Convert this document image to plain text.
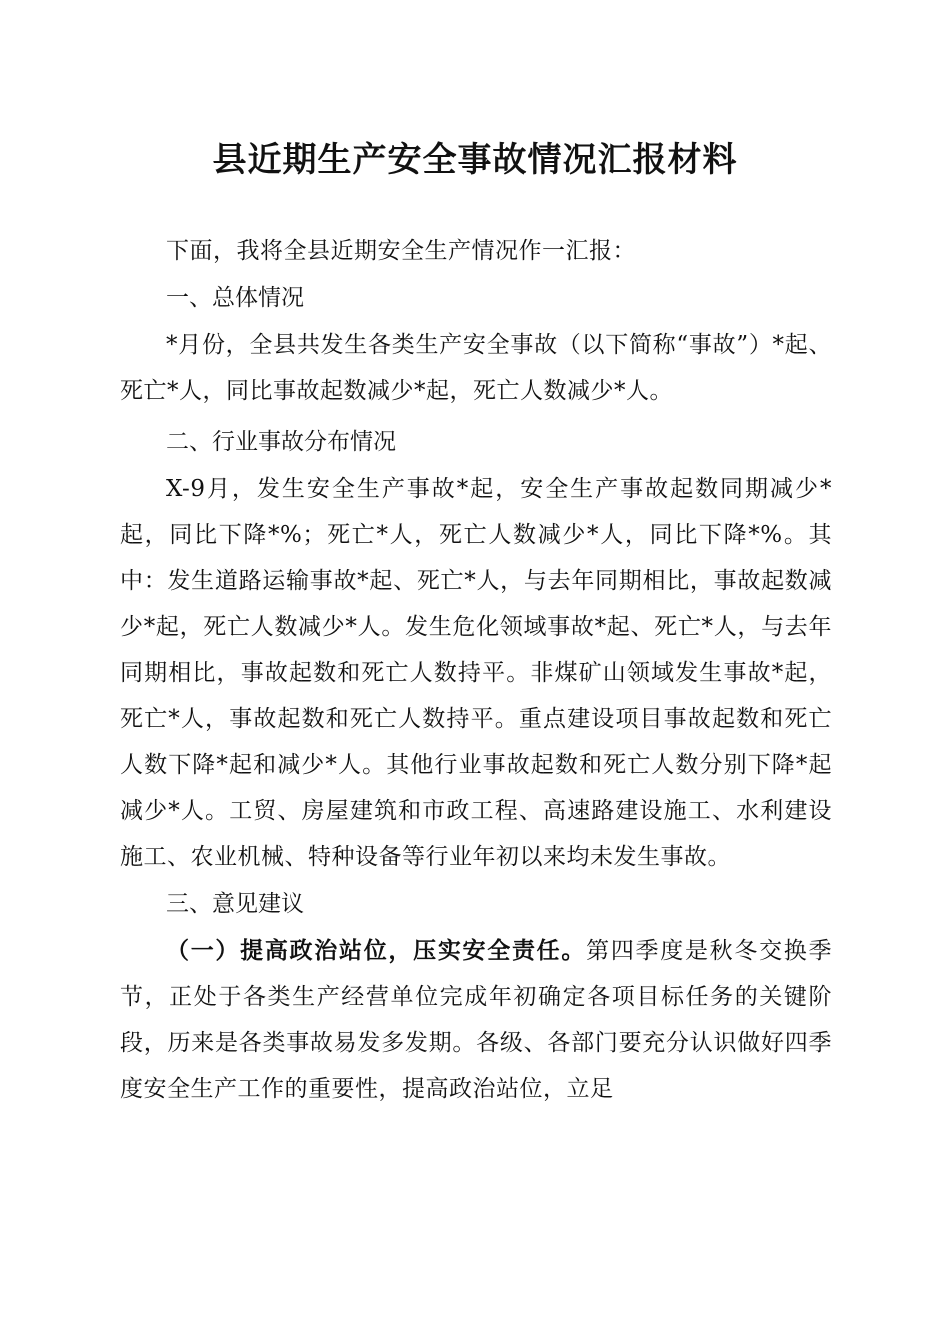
县近期生产安全事故情况汇报材料

下面，我将全县近期安全生产情况作一汇报：

一、总体情况

*月份，全县共发生各类生产安全事故（以下简称“事故”）*起、死亡*人，同比事故起数减少*起，死亡人数减少*人。

二、行业事故分布情况

X-9月，发生安全生产事故*起，安全生产事故起数同期减少*起，同比下降*%；死亡*人，死亡人数减少*人，同比下降*%。其中：发生道路运输事故*起、死亡*人，与去年同期相比，事故起数减少*起，死亡人数减少*人。发生危化领域事故*起、死亡*人，与去年同期相比，事故起数和死亡人数持平。非煤矿山领域发生事故*起，死亡*人，事故起数和死亡人数持平。重点建设项目事故起数和死亡人数下降*起和减少*人。其他行业事故起数和死亡人数分别下降*起减少*人。工贸、房屋建筑和市政工程、高速路建设施工、水利建设施工、农业机械、特种设备等行业年初以来均未发生事故。

三、意见建议

（一）提高政治站位，压实安全责任。第四季度是秋冬交换季节，正处于各类生产经营单位完成年初确定各项目标任务的关键阶段，历来是各类事故易发多发期。各级、各部门要充分认识做好四季度安全生产工作的重要性，提高政治站位，立足
